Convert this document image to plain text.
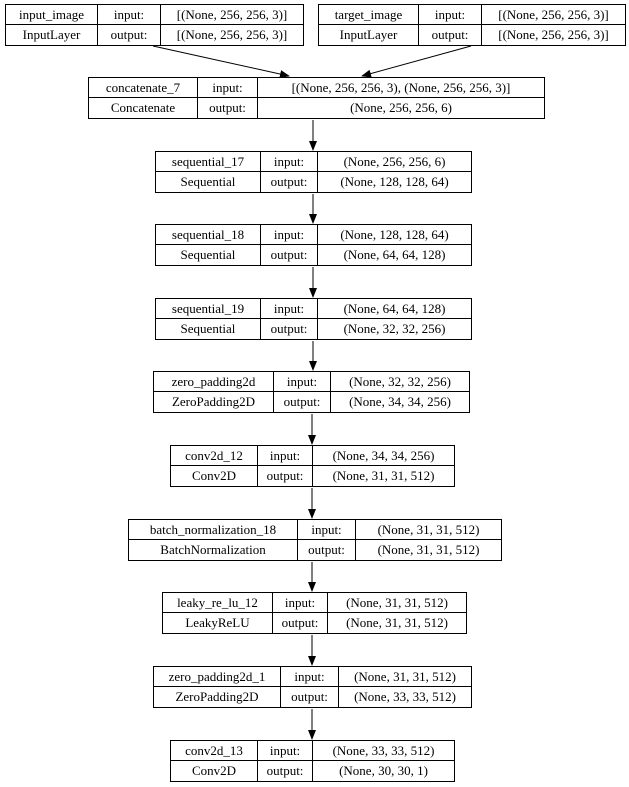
input_image	input:	[(None, 256, 256, 3)]
InputLayer	output:	[(None, 256, 256, 3)]
target_image	input:	[(None, 256, 256, 3)]
InputLayer	output:	[(None, 256, 256, 3)]
concatenate_7	input:	[(None, 256, 256, 3), (None, 256, 256, 3)]
Concatenate	output:	(None, 256, 256, 6)
sequential_17	input:	(None, 256, 256, 6)
Sequential	output:	(None, 128, 128, 64)
sequential_18	input:	(None, 128, 128, 64)
Sequential	output:	(None, 64, 64, 128)
sequential_19	input:	(None, 64, 64, 128)
Sequential	output:	(None, 32, 32, 256)
zero_padding2d	input:	(None, 32, 32, 256)
ZeroPadding2D	output:	(None, 34, 34, 256)
conv2d_12	input:	(None, 34, 34, 256)
Conv2D	output:	(None, 31, 31, 512)
batch_normalization_18	input:	(None, 31, 31, 512)
BatchNormalization	output:	(None, 31, 31, 512)
leaky_re_lu_12	input:	(None, 31, 31, 512)
LeakyReLU	output:	(None, 31, 31, 512)
zero_padding2d_1	input:	(None, 31, 31, 512)
ZeroPadding2D	output:	(None, 33, 33, 512)
conv2d_13	input:	(None, 33, 33, 512)
Conv2D	output:	(None, 30, 30, 1)
